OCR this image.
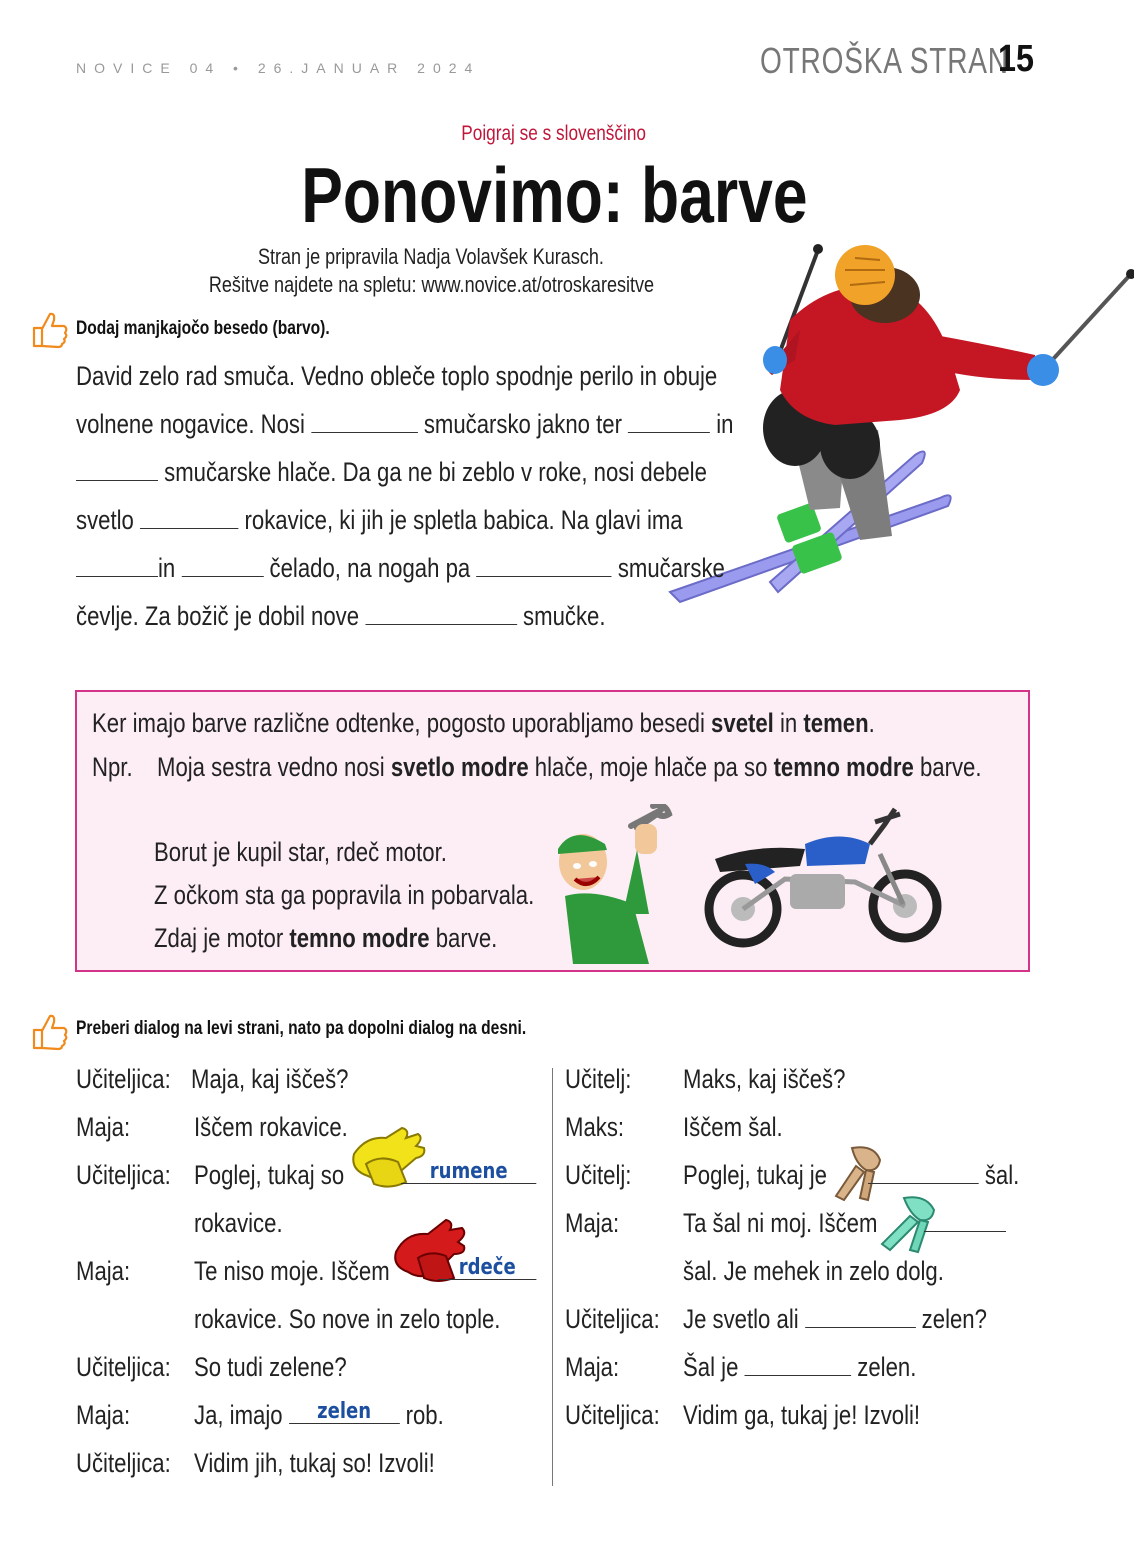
NOVICE 04 • 26.JANUAR 2024	OTROŠKA STRAN
15
Poigraj se s slovenščino
Ponovimo: barve
Stran je pripravila Nadja Volavšek Kurasch.
Rešitve najdete na spletu: www.novice.at/otroskaresitve
Dodaj manjkajočo besedo (barvo).
David zelo rad smuča. Vedno obleče toplo spodnje perilo in obuje
volnene nogavice. Nosi	smučarsko jakno ter	in
smučarske hlače. Da ga ne bi zeblo v roke, nosi debele
svetlo	rokavice, ki jih je spletla babica. Na glavi ima
in	čelado, na nogah pa	smučarske
čevlje. Za božič je dobil nove	smučke.
Ker imajo barve različne odtenke, pogosto uporabljamo besedi svetel in temen.
Npr. Moja sestra vedno nosi svetlo modre hlače, moje hlače pa so temno modre barve.
Borut je kupil star, rdeč motor.
Z očkom sta ga popravila in pobarvala.
Zdaj je motor temno modre barve.
Preberi dialog na levi strani, nato pa dopolni dialog na desni.
Učiteljica: Maja, kaj iščeš?
Maja: Iščem rokavice.
Učiteljica: Poglej, tukaj so	rumene
rokavice.
Maja: Te niso moje. Iščem	rdeče
rokavice. So nove in zelo tople.
Učiteljica: So tudi zelene?
Maja: Ja, imajo	zelen	rob.
Učiteljica: Vidim jih, tukaj so! Izvoli!
Učitelj: Maks, kaj iščeš?
Maks: Iščem šal.
Učitelj: Poglej, tukaj je	šal.
Maja: Ta šal ni moj. Iščem
šal. Je mehek in zelo dolg.
Učiteljica: Je svetlo ali	zelen?
Maja: Šal je	zelen.
Učiteljica: Vidim ga, tukaj je! Izvoli!
